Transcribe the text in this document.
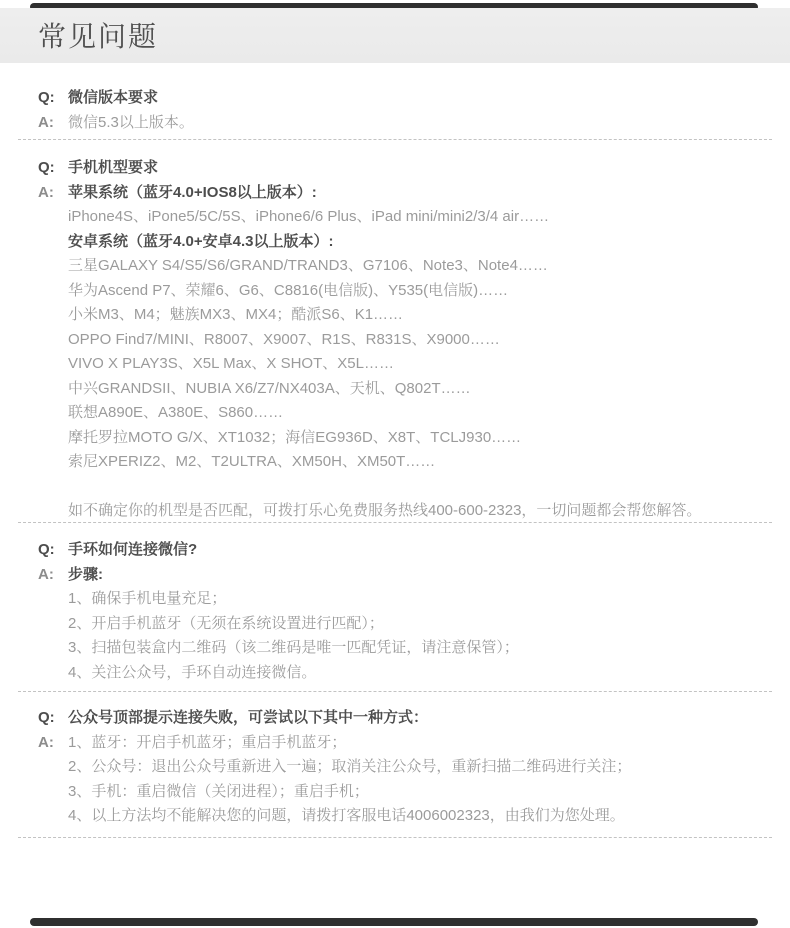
常见问题
Q: 微信版本要求
A: 微信5.3以上版本。
Q: 手机机型要求
A: 苹果系统（蓝牙4.0+IOS8以上版本）:
iPhone4S、iPone5/5C/5S、iPhone6/6 Plus、iPad mini/mini2/3/4 air……
安卓系统（蓝牙4.0+安卓4.3以上版本）:
三星GALAXY S4/S5/S6/GRAND/TRAND3、G7106、Note3、Note4……
华为Ascend P7、荣耀6、G6、C8816(电信版)、Y535(电信版)……
小米M3、M4；魅族MX3、MX4；酷派S6、K1……
OPPO Find7/MINI、R8007、X9007、R1S、R831S、X9000……
VIVO X PLAY3S、X5L Max、X SHOT、X5L……
中兴GRANDSII、NUBIA X6/Z7/NX403A、天机、Q802T……
联想A890E、A380E、S860……
摩托罗拉MOTO G/X、XT1032；海信EG936D、X8T、TCLJ930……
索尼XPERIZ2、M2、T2ULTRA、XM50H、XM50T……
如不确定你的机型是否匹配，可拨打乐心免费服务热线400-600-2323，一切问题都会帮您解答。
Q: 手环如何连接微信?
A: 步骤:
1、确保手机电量充足；
2、开启手机蓝牙（无须在系统设置进行匹配）；
3、扫描包装盒内二维码（该二维码是唯一匹配凭证，请注意保管）；
4、关注公众号，手环自动连接微信。
Q: 公众号顶部提示连接失败，可尝试以下其中一种方式：
A: 1、蓝牙：开启手机蓝牙；重启手机蓝牙；
2、公众号：退出公众号重新进入一遍；取消关注公众号，重新扫描二维码进行关注；
3、手机：重启微信（关闭进程）；重启手机；
4、以上方法均不能解决您的问题，请拨打客服电话4006002323，由我们为您处理。
